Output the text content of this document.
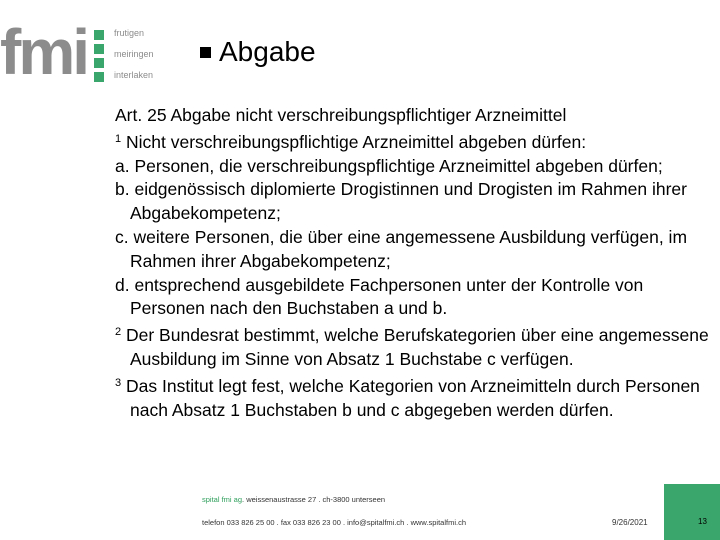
fmi	frutigen
meiringen
interlaken
Abgabe

Art. 25 Abgabe nicht verschreibungspflichtiger Arzneimittel

$^1$ Nicht verschreibungspflichtige Arzneimittel abgeben dürfen:

a. Personen, die verschreibungspflichtige Arzneimittel abgeben dürfen;

b. eidgenössisch diplomierte Drogistinnen und Drogisten im Rahmen ihrer Abgabekompetenz;

c. weitere Personen, die über eine angemessene Ausbildung verfügen, im Rahmen ihrer Abgabekompetenz;

d. entsprechend ausgebildete Fachpersonen unter der Kontrolle von Personen nach den Buchstaben a und b.

$^2$ Der Bundesrat bestimmt, welche Berufskategorien über eine angemessene Ausbildung im Sinne von Absatz 1 Buchstabe c verfügen.

$^3$ Das Institut legt fest, welche Kategorien von Arzneimitteln durch Personen nach Absatz 1 Buchstaben b und c abgegeben werden dürfen.

spital fmi ag. weissenaustrasse 27 . ch-3800 unterseen
telefon 033 826 25 00 . fax 033 826 23 00 . info@spitalfmi.ch . www.spitalfmi.ch	9/26/2021	13
